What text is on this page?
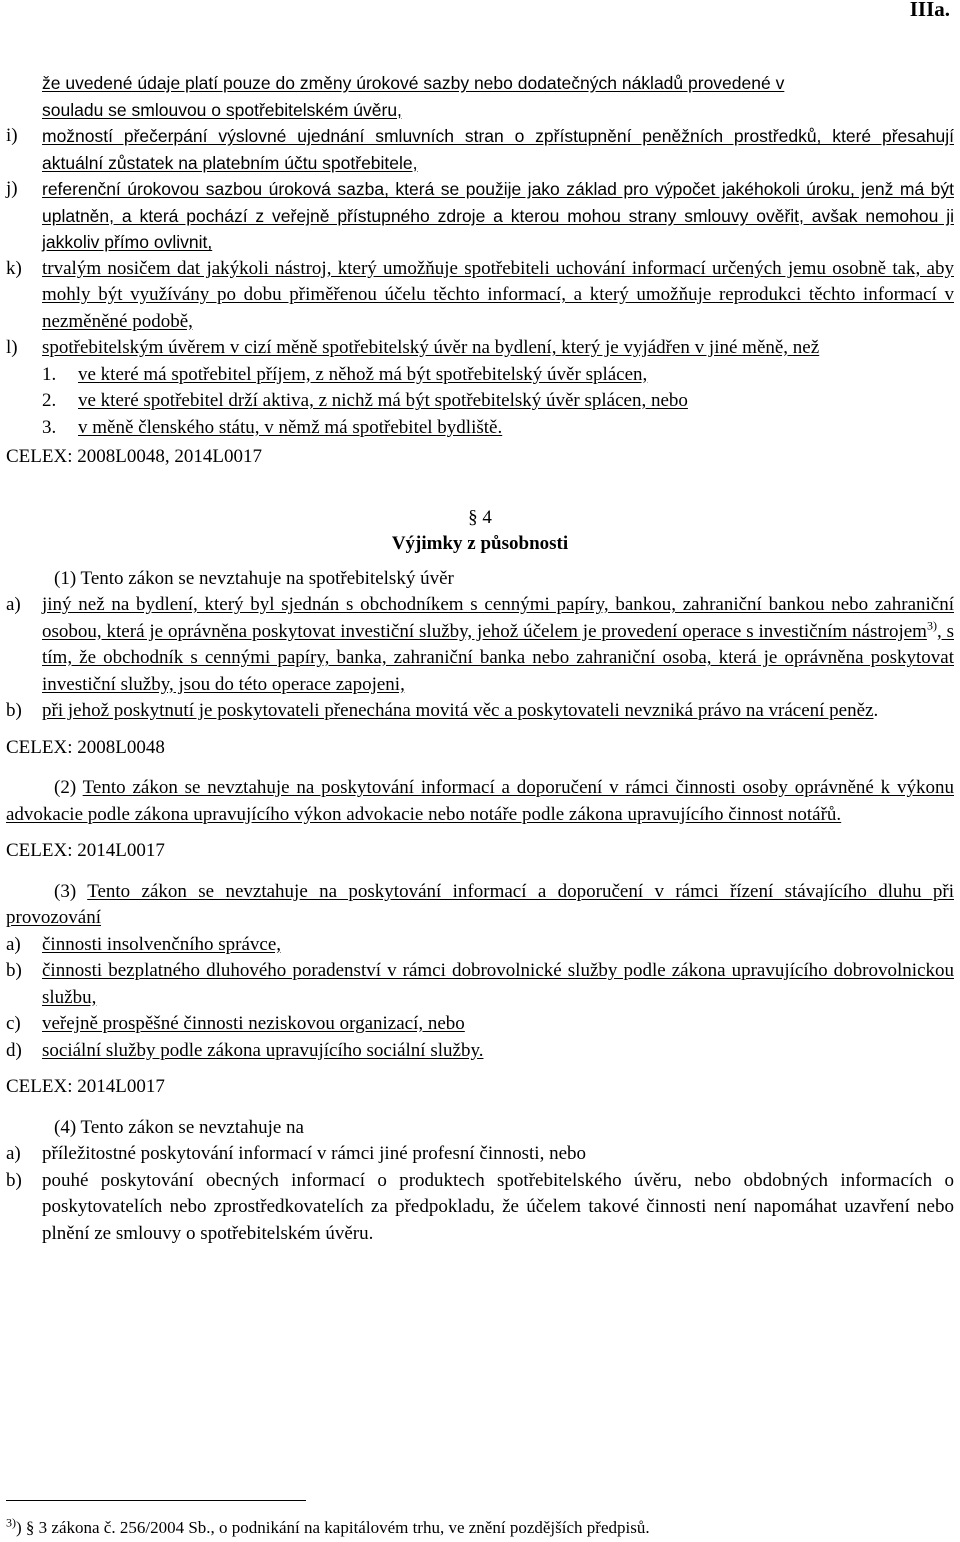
IIIa.
že uvedené údaje platí pouze do změny úrokové sazby nebo dodatečných nákladů provedené v
souladu se smlouvou o spotřebitelském úvěru,
i)	možností přečerpání výslovné ujednání smluvních stran o zpřístupnění peněžních prostředků, které přesahují aktuální zůstatek na platebním účtu spotřebitele,
j)	referenční úrokovou sazbou úroková sazba, která se použije jako základ pro výpočet jakéhokoli úroku, jenž má být uplatněn, a která pochází z veřejně přístupného zdroje a kterou mohou strany smlouvy ověřit, avšak nemohou ji jakkoliv přímo ovlivnit,
k)	trvalým nosičem dat jakýkoli nástroj, který umožňuje spotřebiteli uchování informací určených jemu osobně tak, aby mohly být využívány po dobu přiměřenou účelu těchto informací, a který umožňuje reprodukci těchto informací v nezměněné podobě,
l)	spotřebitelským úvěrem v cizí měně spotřebitelský úvěr na bydlení, který je vyjádřen v jiné měně, než
1.	ve které má spotřebitel příjem, z něhož má být spotřebitelský úvěr splácen,
2.	ve které spotřebitel drží aktiva, z nichž má být spotřebitelský úvěr splácen, nebo
3.	v měně členského státu, v němž má spotřebitel bydliště.
CELEX: 2008L0048, 2014L0017
§ 4
Výjimky z působnosti
(1) Tento zákon se nevztahuje na spotřebitelský úvěr
a)	jiný než na bydlení, který byl sjednán s obchodníkem s cennými papíry, bankou, zahraniční bankou nebo zahraniční osobou, která je oprávněna poskytovat investiční služby, jehož účelem je provedení operace s investičním nástrojem$^{3)}$, s tím, že obchodník s cennými papíry, banka, zahraniční banka nebo zahraniční osoba, která je oprávněna poskytovat investiční služby, jsou do této operace zapojeni,
b)	při jehož poskytnutí je poskytovateli přenechána movitá věc a poskytovateli nevzniká právo na vrácení peněz.
CELEX: 2008L0048
(2) Tento zákon se nevztahuje na poskytování informací a doporučení v rámci činnosti osoby oprávněné k výkonu advokacie podle zákona upravujícího výkon advokacie nebo notáře podle zákona upravujícího činnost notářů.
CELEX: 2014L0017
(3) Tento zákon se nevztahuje na poskytování informací a doporučení v rámci řízení stávajícího dluhu při provozování
a)	činnosti insolvenčního správce,
b)	činnosti bezplatného dluhového poradenství v rámci dobrovolnické služby podle zákona upravujícího dobrovolnickou službu,
c)	veřejně prospěšné činnosti neziskovou organizací, nebo
d)	sociální služby podle zákona upravujícího sociální služby.
CELEX: 2014L0017
(4) Tento zákon se nevztahuje na
a)	příležitostné poskytování informací v rámci jiné profesní činnosti, nebo
b)	pouhé poskytování obecných informací o produktech spotřebitelského úvěru, nebo obdobných informacích o poskytovatelích nebo zprostředkovatelích za předpokladu, že účelem takové činnosti není napomáhat uzavření nebo plnění ze smlouvy o spotřebitelském úvěru.
$^{3)}$) § 3 zákona č. 256/2004 Sb., o podnikání na kapitálovém trhu, ve znění pozdějších předpisů.
